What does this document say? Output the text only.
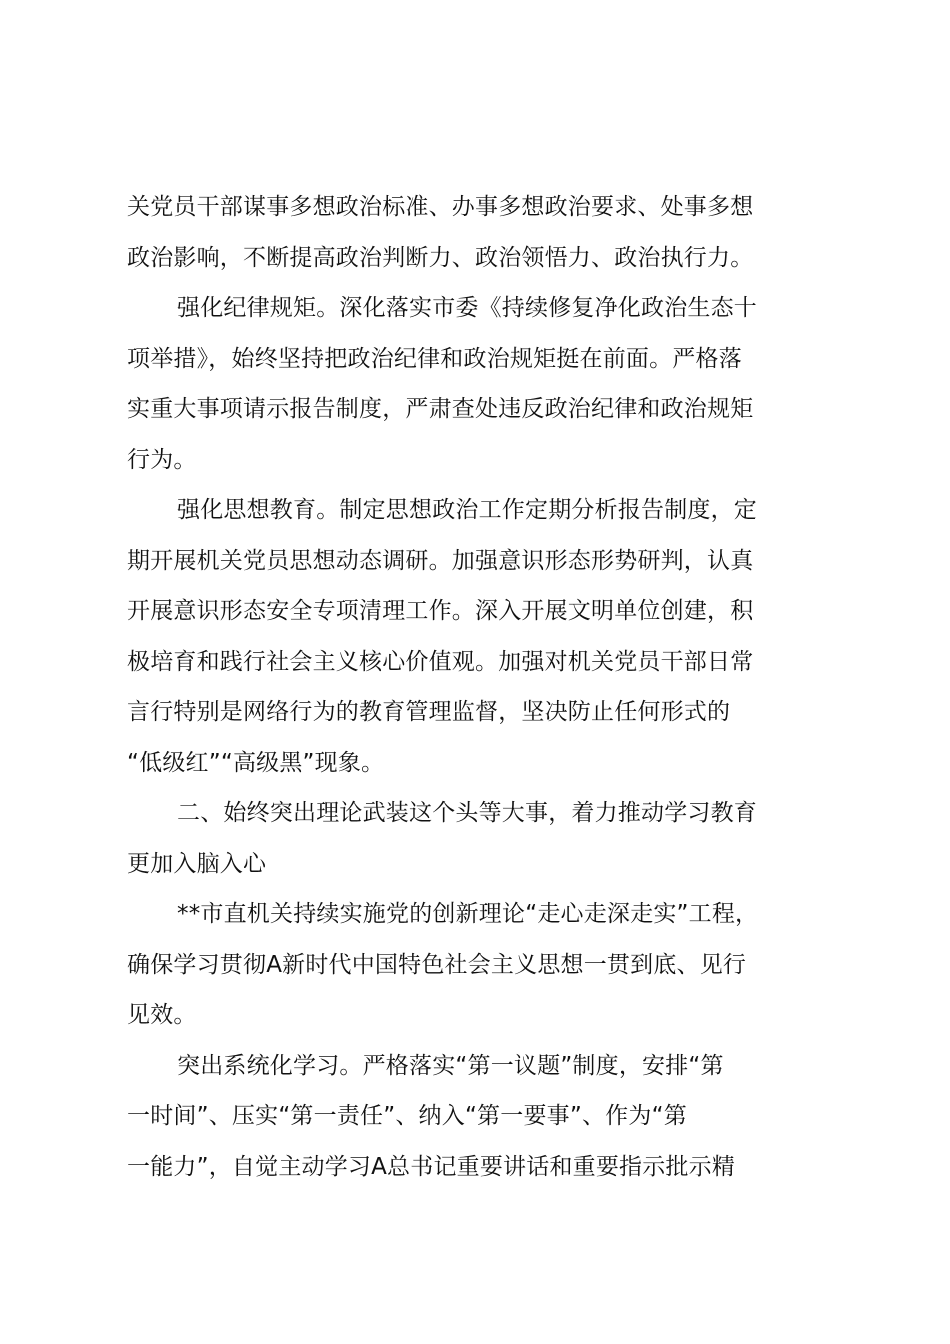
关党员干部谋事多想政治标准、办事多想政治要求、处事多想
政治影响，不断提高政治判断力、政治领悟力、政治执行力。
强化纪律规矩。深化落实市委《持续修复净化政治生态十
项举措》，始终坚持把政治纪律和政治规矩挺在前面。严格落
实重大事项请示报告制度，严肃查处违反政治纪律和政治规矩
行为。
强化思想教育。制定思想政治工作定期分析报告制度，定
期开展机关党员思想动态调研。加强意识形态形势研判，认真
开展意识形态安全专项清理工作。深入开展文明单位创建，积
极培育和践行社会主义核心价值观。加强对机关党员干部日常
言行特别是网络行为的教育管理监督，坚决防止任何形式的
“低级红”“高级黑”现象。
二、始终突出理论武装这个头等大事，着力推动学习教育
更加入脑入心
**市直机关持续实施党的创新理论“走心走深走实”工程，
确保学习贯彻A新时代中国特色社会主义思想一贯到底、见行
见效。
突出系统化学习。严格落实“第一议题”制度，安排“第
一时间”、压实“第一责任”、纳入“第一要事”、作为“第
一能力”，自觉主动学习A总书记重要讲话和重要指示批示精
